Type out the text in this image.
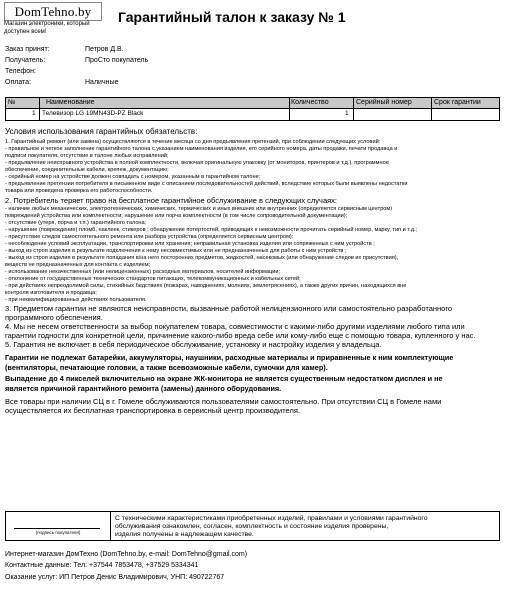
DomTehno.by
Магазин электроники, который доступен всем!
Гарантийный талон к заказу № 1
Заказ принят:	Петров Д.В.
Получатель:	ПроСто покупатель
Телефон:
Оплата:	Наличные
№	Наименование	Количество	Серийный номер	Срок гарантии
1 Телевизор LG 19MN43D-PZ Black	1
Условия использования гарантийных обязательств:
1. Гарантийный ремонт (или замена) осуществляются в течение месяца со дня предъявления претензий, при соблюдении следующих условий:
- правильное и четкое заполнение гарантийного талона с указанием наименования изделия, его серийного номера, даты продажи, печати продавца и
подписи покупателя, отсутствие в талоне любых исправлений;
- предъявление неисправного устройства в полной комплектности, включая оригинальную упаковку (от мониторов, принтеров и т.д.), программное
обеспечение, соединительные кабели, крепеж, документацию;
- серийный номер на устройстве должен совпадать с номером, указанным в гарантийном талоне;
- предъявление претензии потребителя в письменном виде с описанием последовательностей действий, вследствие которых были выявлены недостатки
товара или проведена проверка его работоспособности.
2. Потребитель теряет право на бесплатное гарантийное обслуживание в следующих случаях:
- наличие любых механических, электротехнических, химических, термических и иных внешних или внутренних (определяется сервисным центром)
повреждений устройства или комплектности; нарушение или порча комплектности (в том числе сопроводительной документации);
- отсутствие (утеря, порча и т.п.) гарантийного талона;
- нарушение (повреждение) пломб, наклеек, стикеров ; обнаружение потертостей, приводящих к невозможности прочитать серийный номер, марку, тип и т.д.;
- присутствие следов самостоятельного ремонта или разбора устройства (определяется сервисным центром);
- несоблюдение условий эксплуатации, транспортировки или хранения; неправильная установка изделия или сопряженных с ним устройств ;
- выход из строя изделия в результате подключения к нему несовместимых или не предназначенных для работы с ним устройств ;
- выход из строя изделия в результате попадания в/на него посторонних предметов, жидкостей, насекомых (или обнаружение следов их присутствия),
веществ не предназначенных для контакта с изделием;
- использование некачественных (или нелицензионных) расходных материалов, носителей информации;
- отклонение от государственных технических стандартов питающих, телекоммуникационных и кабельных сетей;
- при действиях непреодолимой силы, стихийных бедствиях (пожарах, наводнениях, молниях, землетрясениях), а также других причин, находящихся вне
контроля изготовителя и продавца;
- при неквалифицированных действиях пользователя.
3. Предметом гарантии не являются неисправности, вызванные работой нелицензионного или самостоятельно разработанного
программного обеспечения.
4. Мы не несем ответственности за выбор покупателем товара, совместимости с какими-либо другими изделиями любого типа или
гарантии годности для конкретной цели, причинение какого-либо вреда себе или кому-либо еще с помощью товара, купленного у нас.
5. Гарантия не включает в себя периодическое обслуживание, установку и настройку изделия у владельца.
Гарантии не подлежат батарейки, аккумуляторы, наушники, расходные материалы и приравненные к ним комплектующие
(вентиляторы, печатающие головки, а также всевозможные кабели, сумочки для камер).
Выпадение до 4 пикселей включительно на экране ЖК-монитора не является существенным недостатком дисплея и не
является причиной гарантийного ремонта (замены) данного оборудования.
Все товары при наличии СЦ в г. Гомеле обслуживаются пользователями самостоятельно. При отсутствии СЦ в Гомеле нами
осуществляется их бесплатная транспортировка в сервисный центр производителя.
(подпись покупателя)
С техническими характеристиками приобретенных изделий, правилами и условиями гарантийного
обслуживания ознакомлен, согласен, комплектность и состояние изделия проверены,
изделия получены в надлежащем качестве.
Интернет-магазин ДомТехно (DomTehno.by, e-mail: DomTehno@gmail.com)
Контактные данные: Тел: +37544 7853478, +37529 5334341
Оказание услуг: ИП Петров Денис Владимирович, УНП: 490722767
